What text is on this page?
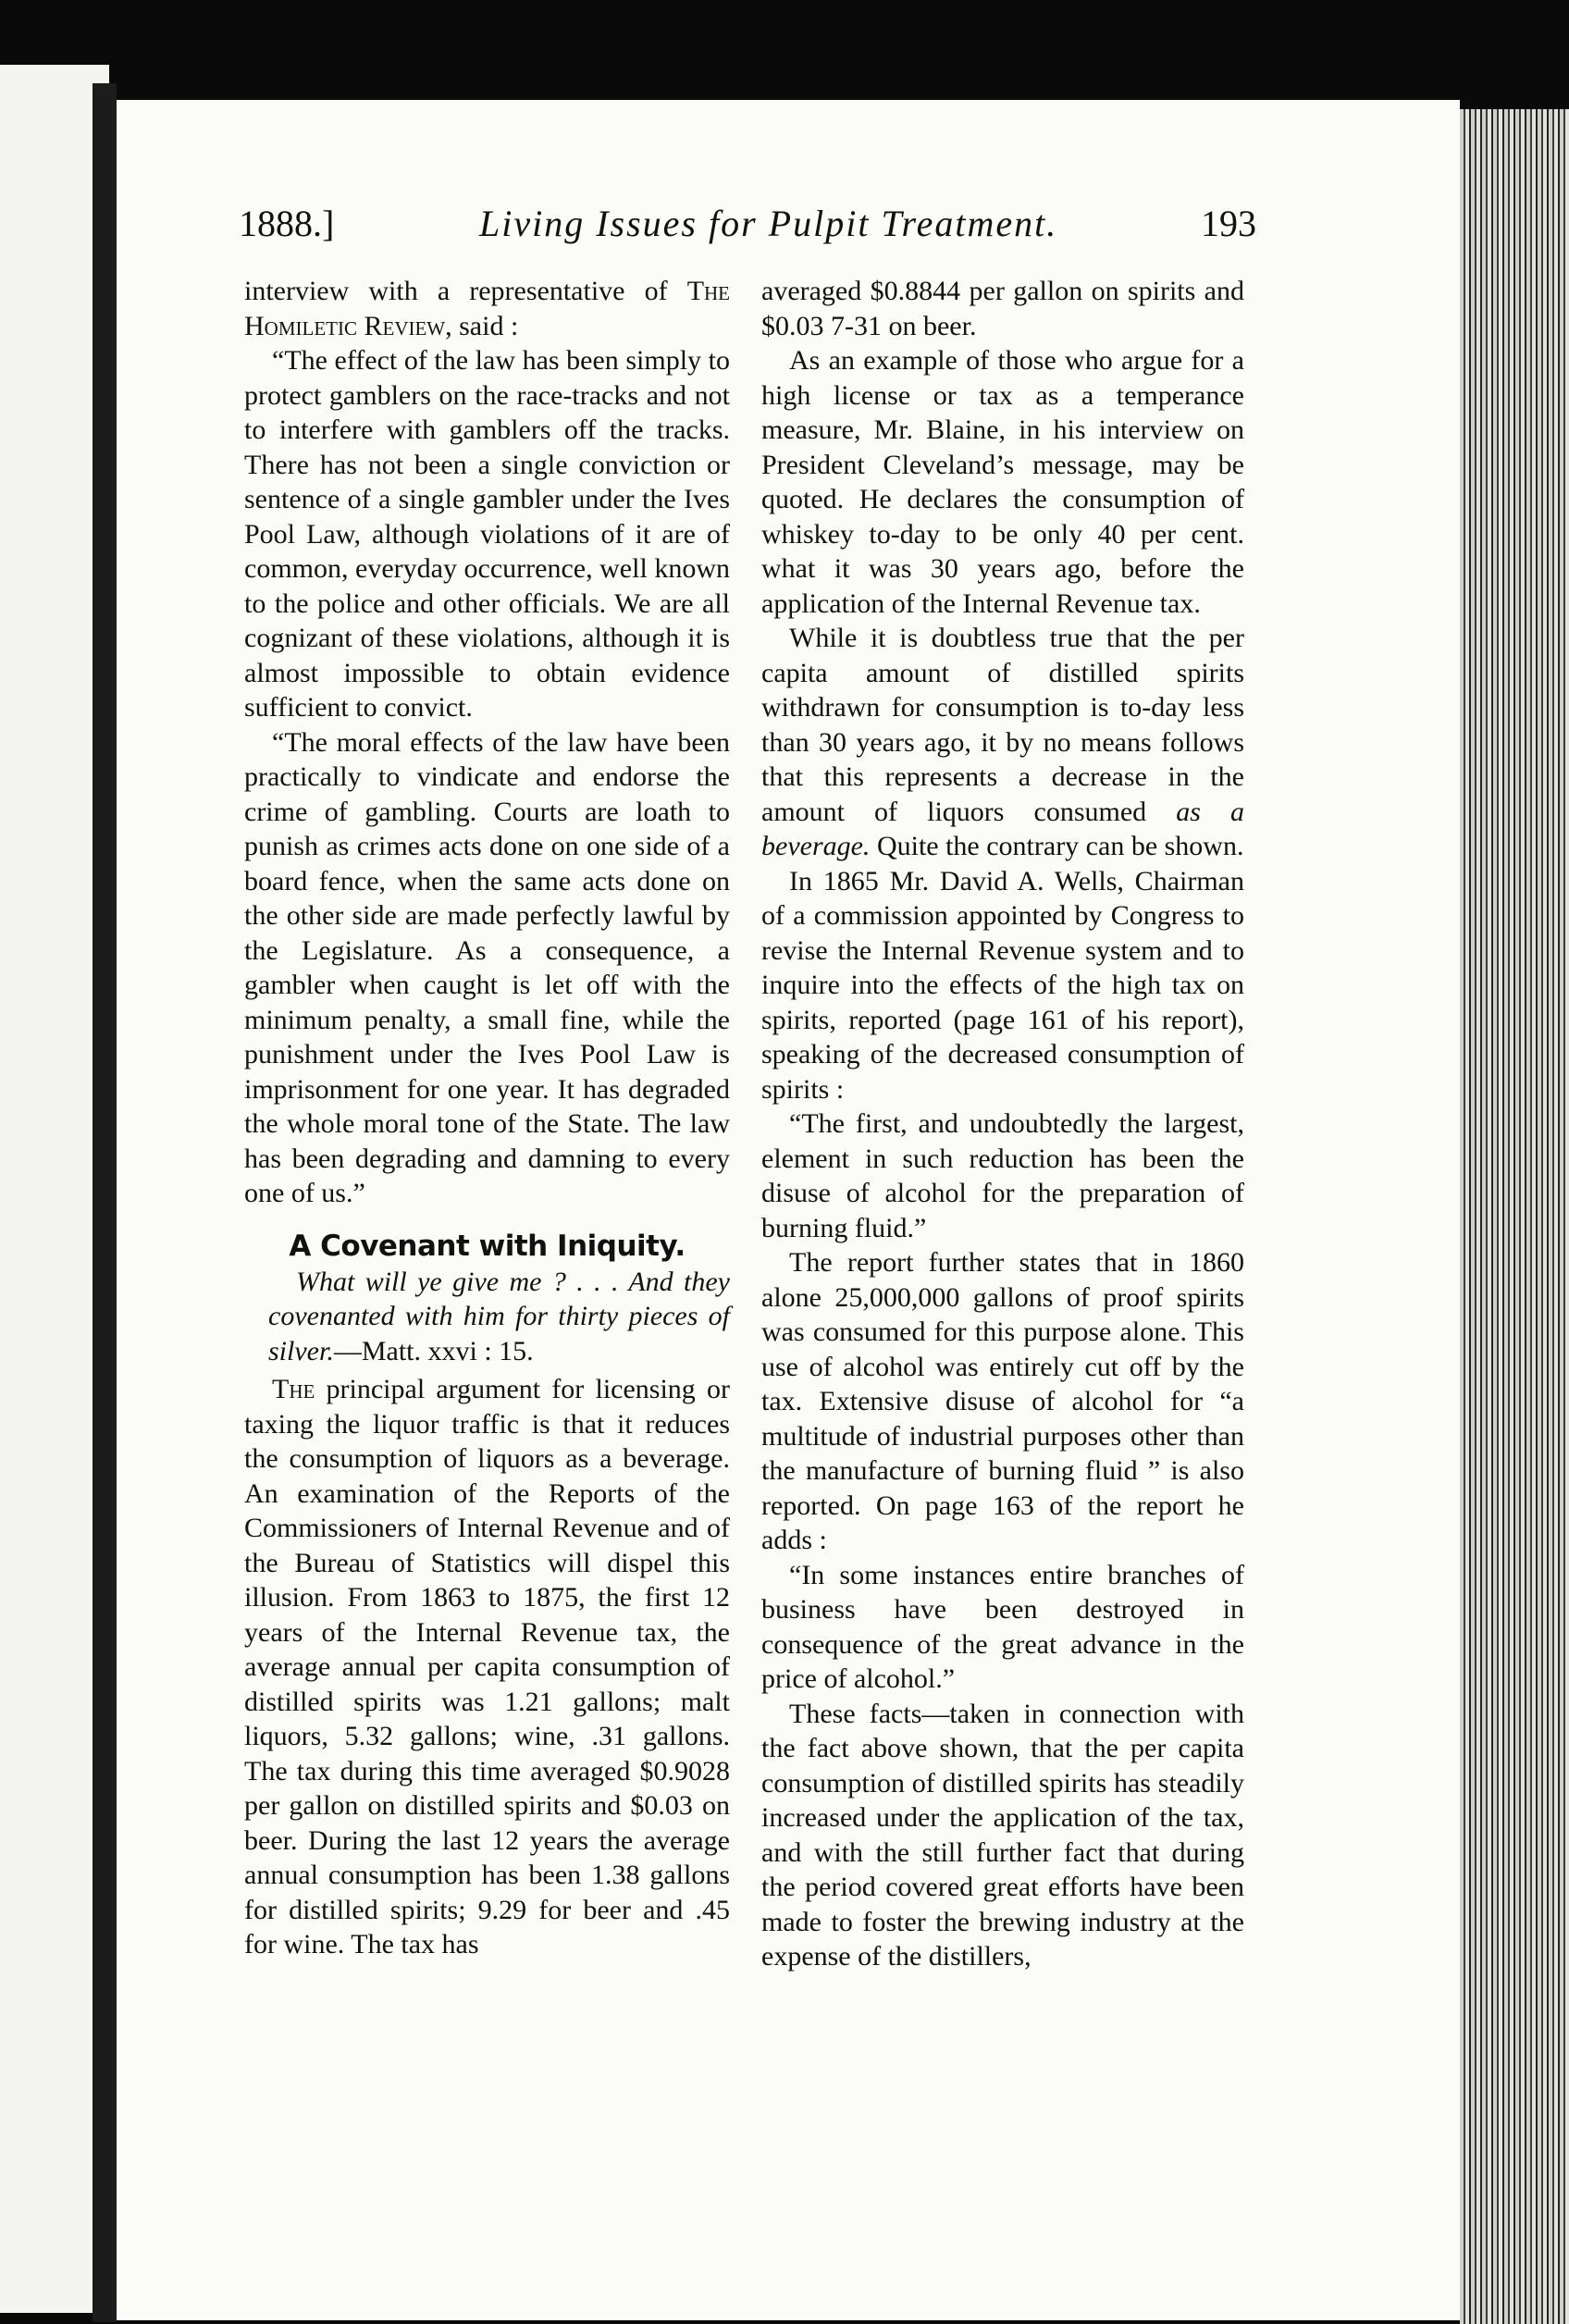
1888.]	Living Issues for Pulpit Treatment.	193

interview with a representative of The Homiletic Review, said :

“The effect of the law has been simply to protect gamblers on the race-tracks and not to interfere with gamblers off the tracks. There has not been a single conviction or sentence of a single gambler under the Ives Pool Law, although violations of it are of common, everyday occurrence, well known to the police and other officials. We are all cognizant of these violations, although it is almost impossible to obtain evidence sufficient to convict.

“The moral effects of the law have been practically to vindicate and endorse the crime of gambling. Courts are loath to punish as crimes acts done on one side of a board fence, when the same acts done on the other side are made perfectly lawful by the Legislature. As a consequence, a gambler when caught is let off with the minimum penalty, a small fine, while the punishment under the Ives Pool Law is imprisonment for one year. It has degraded the whole moral tone of the State. The law has been degrading and damning to every one of us.”

A Covenant with Iniquity.

What will ye give me ? . . . And they covenanted with him for thirty pieces of silver.—Matt. xxvi : 15.

The principal argument for licensing or taxing the liquor traffic is that it reduces the consumption of liquors as a beverage. An examination of the Reports of the Commissioners of Internal Revenue and of the Bureau of Statistics will dispel this illusion. From 1863 to 1875, the first 12 years of the Internal Revenue tax, the average annual per capita consumption of distilled spirits was 1.21 gallons; malt liquors, 5.32 gallons; wine, .31 gallons. The tax during this time averaged $0.9028 per gallon on distilled spirits and $0.03 on beer. During the last 12 years the average annual consumption has been 1.38 gallons for distilled spirits; 9.29 for beer and .45 for wine. The tax has

averaged $0.8844 per gallon on spirits and $0.03 7-31 on beer.

As an example of those who argue for a high license or tax as a temperance measure, Mr. Blaine, in his interview on President Cleveland’s message, may be quoted. He declares the consumption of whiskey to-day to be only 40 per cent. what it was 30 years ago, before the application of the Internal Revenue tax.

While it is doubtless true that the per capita amount of distilled spirits withdrawn for consumption is to-day less than 30 years ago, it by no means follows that this represents a decrease in the amount of liquors consumed as a beverage. Quite the contrary can be shown.

In 1865 Mr. David A. Wells, Chairman of a commission appointed by Congress to revise the Internal Revenue system and to inquire into the effects of the high tax on spirits, reported (page 161 of his report), speaking of the decreased consumption of spirits :

“The first, and undoubtedly the largest, element in such reduction has been the disuse of alcohol for the preparation of burning fluid.”

The report further states that in 1860 alone 25,000,000 gallons of proof spirits was consumed for this purpose alone. This use of alcohol was entirely cut off by the tax. Extensive disuse of alcohol for “a multitude of industrial purposes other than the manufacture of burning fluid ” is also reported. On page 163 of the report he adds :

“In some instances entire branches of business have been destroyed in consequence of the great advance in the price of alcohol.”

These facts—taken in connection with the fact above shown, that the per capita consumption of distilled spirits has steadily increased under the application of the tax, and with the still further fact that during the period covered great efforts have been made to foster the brewing industry at the expense of the distillers,
